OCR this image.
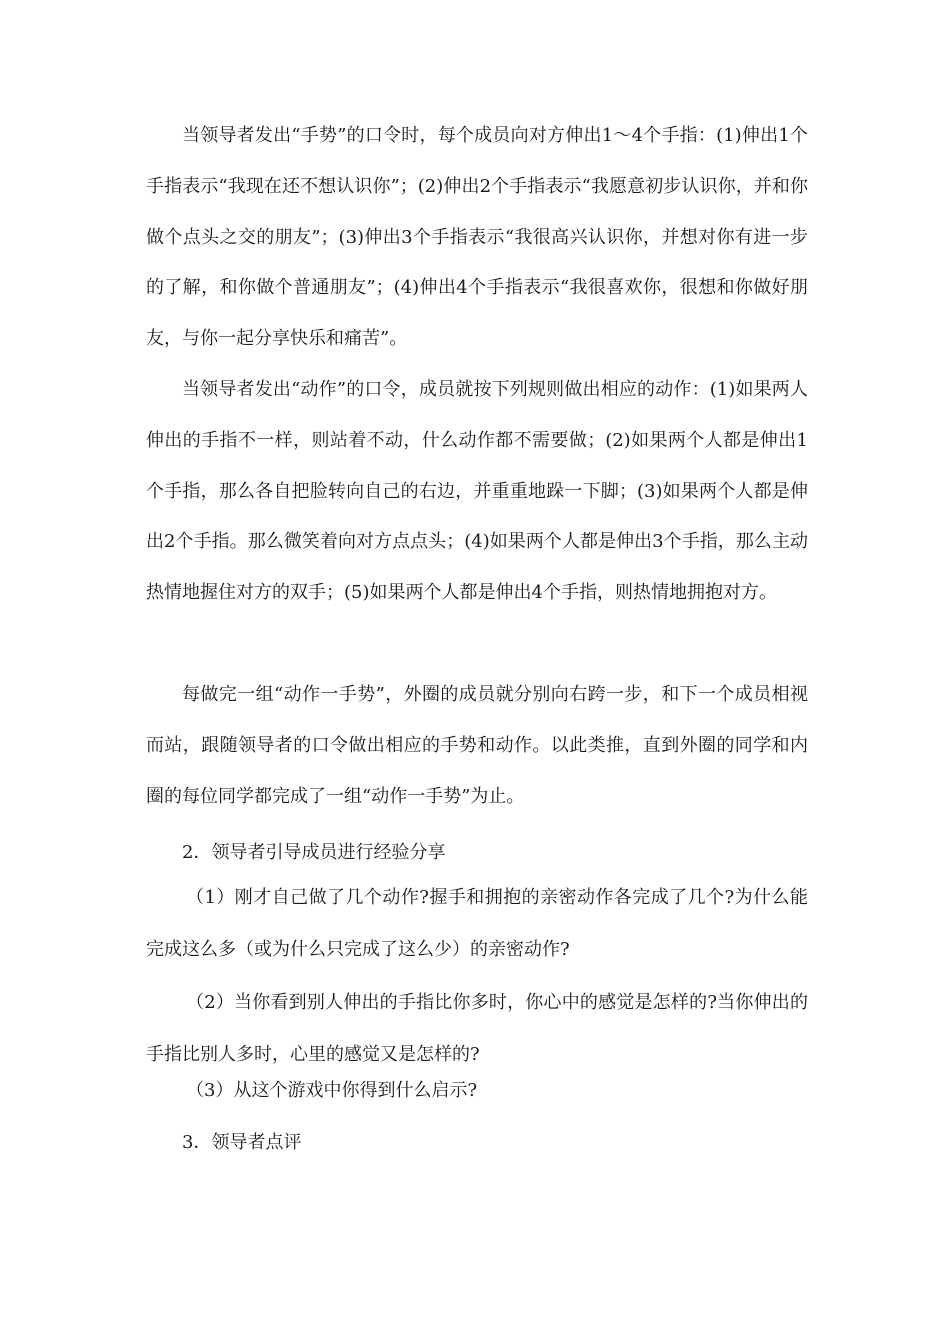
当领导者发出“手势”的口令时，每个成员向对方伸出1～4个手指：(1)伸出1个手指表示“我现在还不想认识你”；(2)伸出2个手指表示“我愿意初步认识你，并和你做个点头之交的朋友”；(3)伸出3个手指表示“我很高兴认识你，并想对你有进一步的了解，和你做个普通朋友”；(4)伸出4个手指表示“我很喜欢你，很想和你做好朋友，与你一起分享快乐和痛苦”。

当领导者发出“动作”的口令，成员就按下列规则做出相应的动作：(1)如果两人伸出的手指不一样，则站着不动，什么动作都不需要做；(2)如果两个人都是伸出1个手指，那么各自把脸转向自己的右边，并重重地跺一下脚；(3)如果两个人都是伸出2个手指。那么微笑着向对方点点头；(4)如果两个人都是伸出3个手指，那么主动热情地握住对方的双手；(5)如果两个人都是伸出4个手指，则热情地拥抱对方。

每做完一组“动作一手势”，外圈的成员就分别向右跨一步，和下一个成员相视而站，跟随领导者的口令做出相应的手势和动作。以此类推，直到外圈的同学和内圈的每位同学都完成了一组“动作一手势”为止。

2．领导者引导成员进行经验分享

（1）刚才自己做了几个动作?握手和拥抱的亲密动作各完成了几个?为什么能完成这么多（或为什么只完成了这么少）的亲密动作?

（2）当你看到别人伸出的手指比你多时，你心中的感觉是怎样的?当你伸出的手指比别人多时，心里的感觉又是怎样的?

（3）从这个游戏中你得到什么启示?

3．领导者点评
